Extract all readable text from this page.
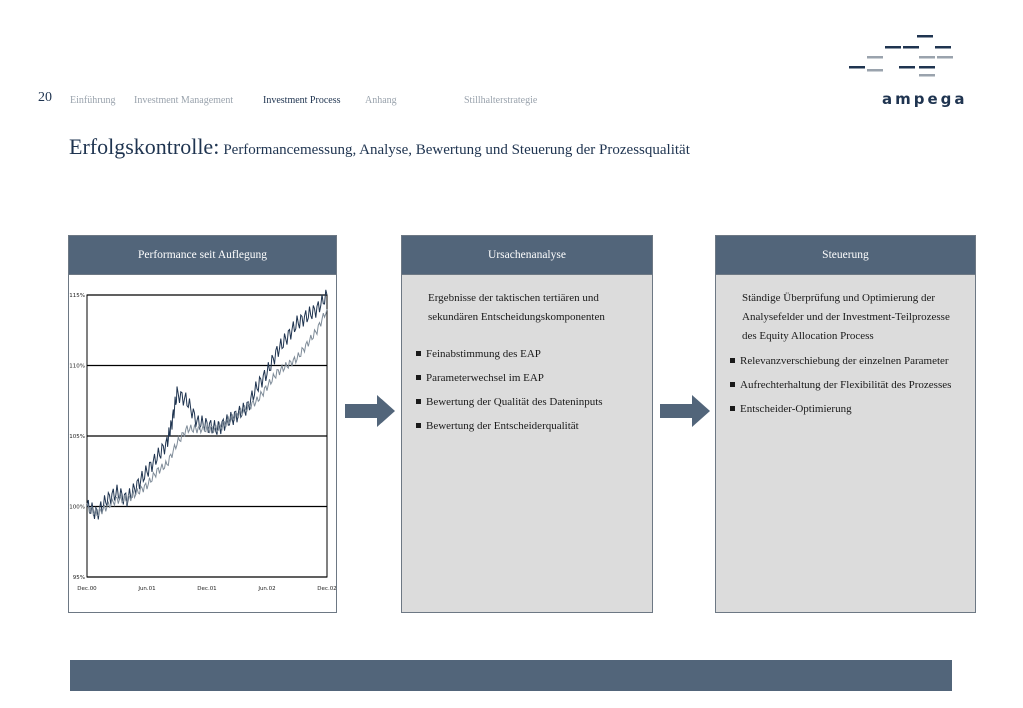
20 Einführung Investment Management	Investment Process Anhang	Stillhalterstrategie	ampega
Erfolgskontrolle: Performancemessung, Analyse, Bewertung und Steuerung der Prozessqualität
Performance seit Auflegung
95%
100%
105%
110%
115%
Dec.00	Jun.01	Dec.01	Jun.02	Dec.02
Ursachenanalyse
Ergebnisse der taktischen tertiären und sekundären Entscheidungskomponenten
Feinabstimmung des EAP
Parameterwechsel im EAP
Bewertung der Qualität des Dateninputs
Bewertung der Entscheiderqualität
Steuerung
Ständige Überprüfung und Optimierung der Analysefelder und der Investment-Teilprozesse des Equity Allocation Process
Relevanzverschiebung der einzelnen Parameter
Aufrechterhaltung der Flexibilität des Prozesses
Entscheider-Optimierung
